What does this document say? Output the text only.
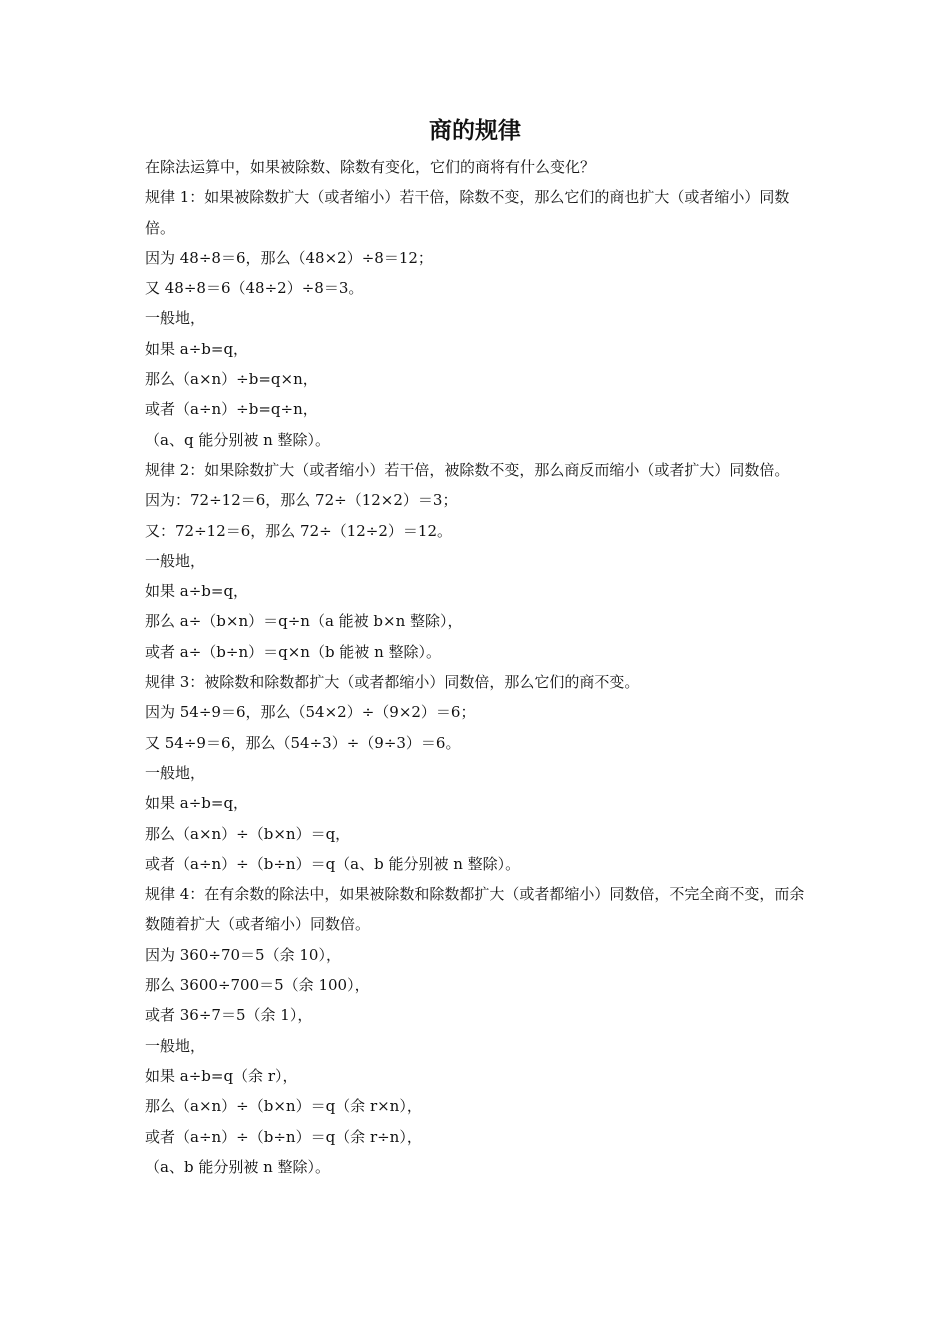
商的规律

在除法运算中，如果被除数、除数有变化，它们的商将有什么变化？

规律 1：如果被除数扩大（或者缩小）若干倍，除数不变，那么它们的商也扩大（或者缩小）同数倍。

因为 48÷8＝6，那么（48×2）÷8＝12；

又 48÷8＝6（48÷2）÷8＝3。

一般地，

如果 a÷b=q，

那么（a×n）÷b=q×n，

或者（a÷n）÷b=q÷n，

（a、q 能分别被 n 整除）。

规律 2：如果除数扩大（或者缩小）若干倍，被除数不变，那么商反而缩小（或者扩大）同数倍。

因为：72÷12＝6，那么 72÷（12×2）＝3；

又：72÷12＝6，那么 72÷（12÷2）＝12。

一般地，

如果 a÷b=q，

那么 a÷（b×n）＝q÷n（a 能被 b×n 整除），

或者 a÷（b÷n）＝q×n（b 能被 n 整除）。

规律 3：被除数和除数都扩大（或者都缩小）同数倍，那么它们的商不变。

因为 54÷9＝6，那么（54×2）÷（9×2）＝6；

又 54÷9＝6，那么（54÷3）÷（9÷3）＝6。

一般地，

如果 a÷b=q，

那么（a×n）÷（b×n）＝q，

或者（a÷n）÷（b÷n）＝q（a、b 能分别被 n 整除）。

规律 4：在有余数的除法中，如果被除数和除数都扩大（或者都缩小）同数倍，不完全商不变，而余数随着扩大（或者缩小）同数倍。

因为 360÷70＝5（余 10），

那么 3600÷700＝5（余 100），

或者 36÷7＝5（余 1），

一般地，

如果 a÷b=q（余 r），

那么（a×n）÷（b×n）＝q（余 r×n），

或者（a÷n）÷（b÷n）＝q（余 r÷n），

（a、b 能分别被 n 整除）。
